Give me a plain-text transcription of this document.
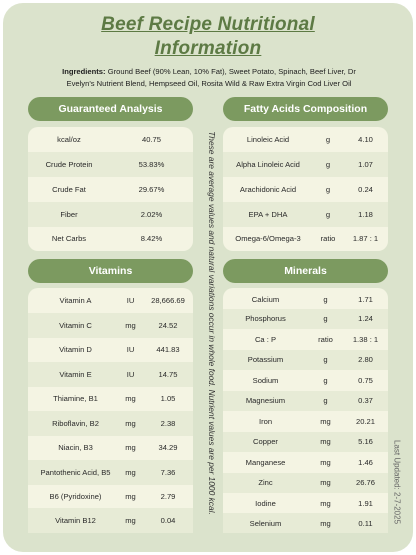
Beef Recipe Nutritional
Information
Ingredients: Ground Beef (90% Lean, 10% Fat), Sweet Potato, Spinach, Beef Liver, Dr
Evelyn's Nutrient Blend, Hempseed Oil, Rosita Wild & Raw Extra Virgin Cod Liver Oil
Guaranteed Analysis
kcal/oz	40.75
Crude Protein	53.83%
Crude Fat	29.67%
Fiber	2.02%
Net Carbs	8.42%
Fatty Acids Composition
Linoleic Acid	g	4.10
Alpha Linoleic Acid	g	1.07
Arachidonic Acid	g	0.24
EPA + DHA	g	1.18
Omega-6/Omega-3	ratio	1.87 : 1
Vitamins
Vitamin A	IU	28,666.69
Vitamin C	mg	24.52
Vitamin D	IU	441.83
Vitamin E	IU	14.75
Thiamine, B1	mg	1.05
Riboflavin, B2	mg	2.38
Niacin, B3	mg	34.29
Pantothenic Acid, B5	mg	7.36
B6 (Pyridoxine)	mg	2.79
Vitamin B12	mg	0.04
Minerals
Calcium	g	1.71
Phosphorus	g	1.24
Ca : P	ratio	1.38 : 1
Potassium	g	2.80
Sodium	g	0.75
Magnesium	g	0.37
Iron	mg	20.21
Copper	mg	5.16
Manganese	mg	1.46
Zinc	mg	26.76
Iodine	mg	1.91
Selenium	mg	0.11
These are average values and natural variations occur in whole food. Nutrient values are per 1000 kcal.	Last Updated: 2-7-2025
